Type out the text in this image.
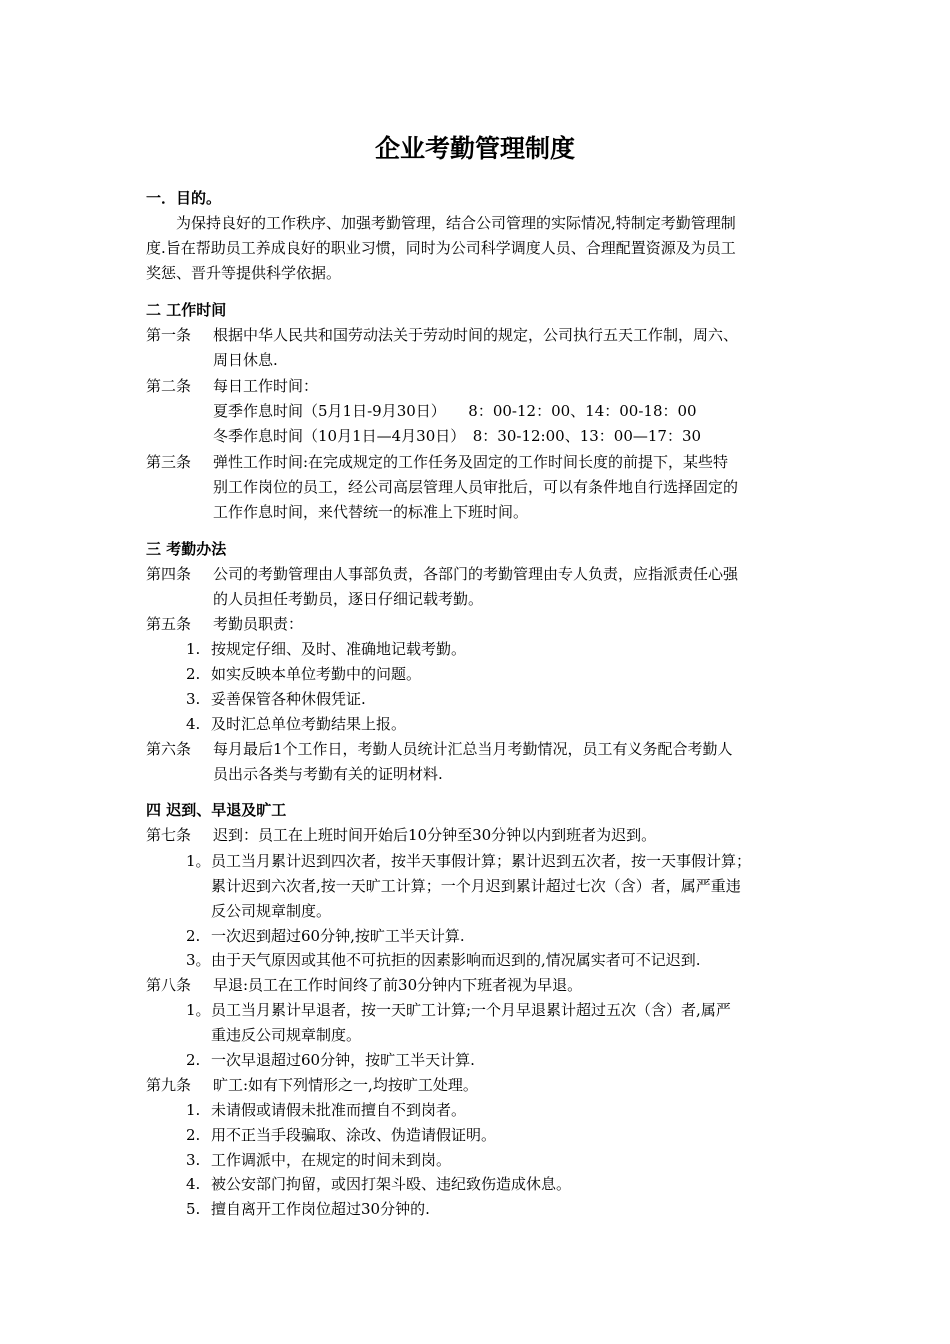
企业考勤管理制度
一．目的。
为保持良好的工作秩序、加强考勤管理，结合公司管理的实际情况,特制定考勤管理制
度.旨在帮助员工养成良好的职业习惯，同时为公司科学调度人员、合理配置资源及为员工
奖惩、晋升等提供科学依据。
二 工作时间
第一条 根据中华人民共和国劳动法关于劳动时间的规定，公司执行五天工作制，周六、
周日休息.
第二条 每日工作时间：
夏季作息时间（5月1日-9月30日）　　8：00-12：00、14：00-18：00
冬季作息时间（10月1日—4月30日）　8：30-12:00、13：00—17：30
第三条 弹性工作时间:在完成规定的工作任务及固定的工作时间长度的前提下，某些特
别工作岗位的员工，经公司高层管理人员审批后，可以有条件地自行选择固定的
工作作息时间，来代替统一的标准上下班时间。
三 考勤办法
第四条 公司的考勤管理由人事部负责，各部门的考勤管理由专人负责，应指派责任心强
的人员担任考勤员，逐日仔细记载考勤。
第五条 考勤员职责：
1. 按规定仔细、及时、准确地记载考勤。
2. 如实反映本单位考勤中的问题。
3. 妥善保管各种休假凭证.
4. 及时汇总单位考勤结果上报。
第六条 每月最后1个工作日，考勤人员统计汇总当月考勤情况，员工有义务配合考勤人
员出示各类与考勤有关的证明材料.
四 迟到、早退及旷工
第七条 迟到：员工在上班时间开始后10分钟至30分钟以内到班者为迟到。
1。 员工当月累计迟到四次者，按半天事假计算；累计迟到五次者，按一天事假计算；
累计迟到六次者,按一天旷工计算；一个月迟到累计超过七次（含）者，属严重违
反公司规章制度。
2. 一次迟到超过60分钟,按旷工半天计算.
3。 由于天气原因或其他不可抗拒的因素影响而迟到的,情况属实者可不记迟到.
第八条 早退:员工在工作时间终了前30分钟内下班者视为早退。
1。 员工当月累计早退者，按一天旷工计算;一个月早退累计超过五次（含）者,属严
重违反公司规章制度。
2. 一次早退超过60分钟，按旷工半天计算.
第九条 旷工:如有下列情形之一,均按旷工处理。
1. 未请假或请假未批准而擅自不到岗者。
2. 用不正当手段骗取、涂改、伪造请假证明。
3. 工作调派中，在规定的时间未到岗。
4. 被公安部门拘留，或因打架斗殴、违纪致伤造成休息。
5. 擅自离开工作岗位超过30分钟的.
